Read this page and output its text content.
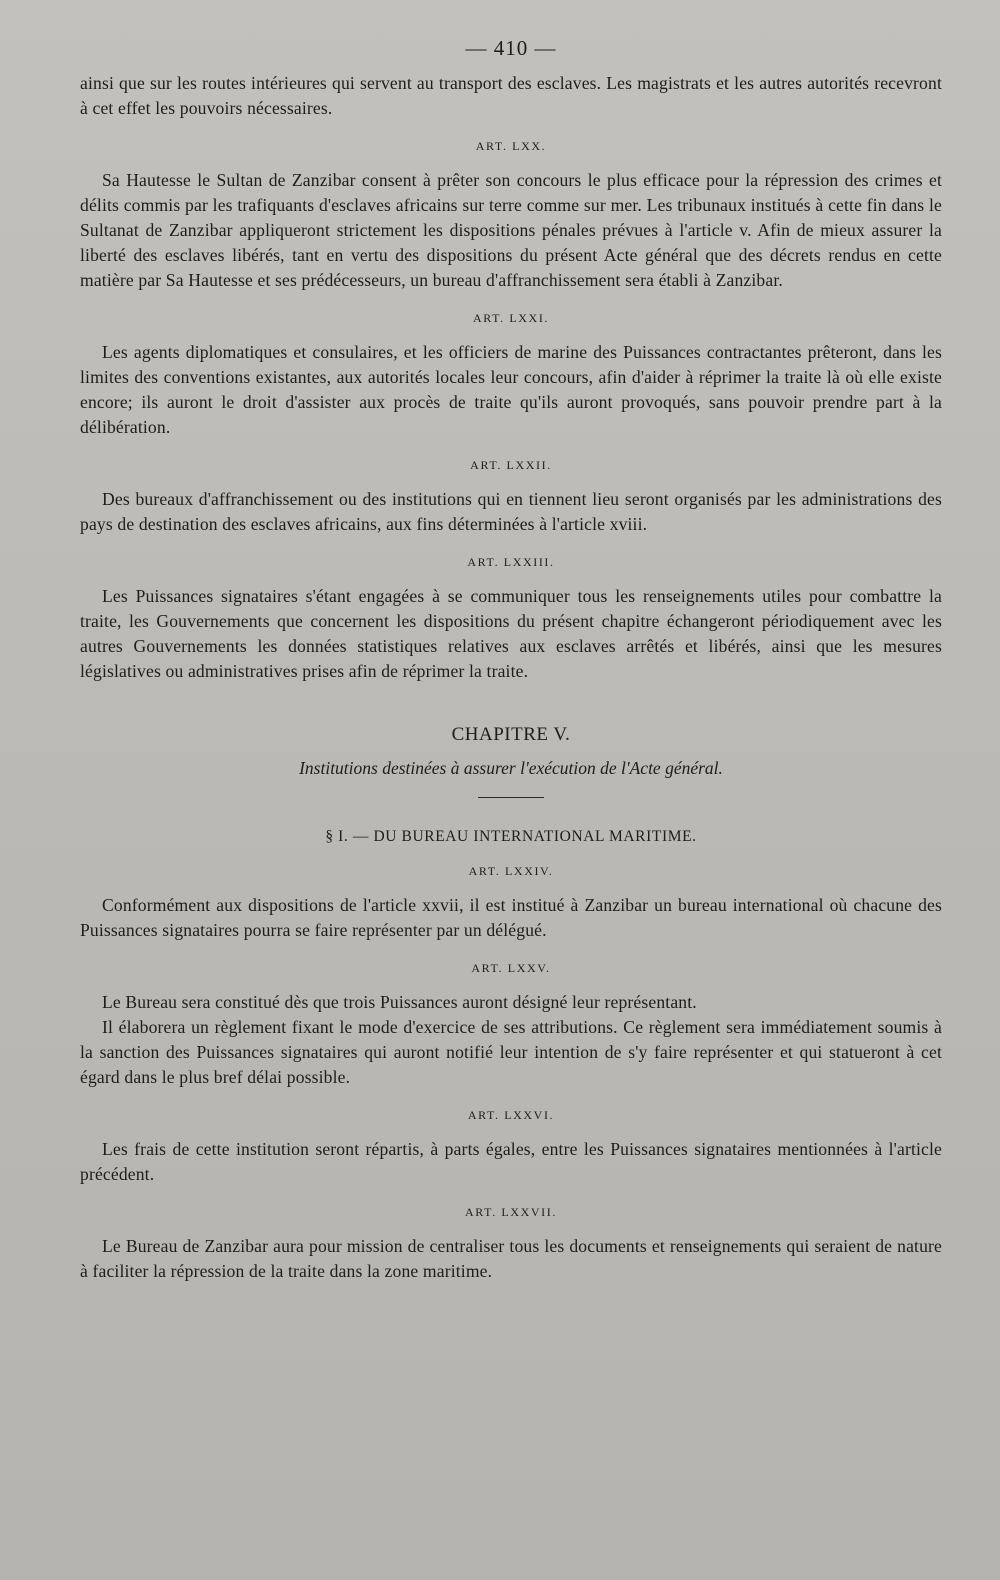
— 410 —

ainsi que sur les routes intérieures qui servent au transport des esclaves. Les magistrats et les autres autorités recevront à cet effet les pouvoirs nécessaires.

ART. LXX.

Sa Hautesse le Sultan de Zanzibar consent à prêter son concours le plus efficace pour la répression des crimes et délits commis par les trafiquants d'esclaves africains sur terre comme sur mer. Les tribunaux institués à cette fin dans le Sultanat de Zanzibar appliqueront strictement les dispositions pénales prévues à l'article v. Afin de mieux assurer la liberté des esclaves libérés, tant en vertu des dispositions du présent Acte général que des décrets rendus en cette matière par Sa Hautesse et ses prédécesseurs, un bureau d'affranchissement sera établi à Zanzibar.

ART. LXXI.

Les agents diplomatiques et consulaires, et les officiers de marine des Puissances contractantes prêteront, dans les limites des conventions existantes, aux autorités locales leur concours, afin d'aider à réprimer la traite là où elle existe encore; ils auront le droit d'assister aux procès de traite qu'ils auront provoqués, sans pouvoir prendre part à la délibération.

ART. LXXII.

Des bureaux d'affranchissement ou des institutions qui en tiennent lieu seront organisés par les administrations des pays de destination des esclaves africains, aux fins déterminées à l'article xviii.

ART. LXXIII.

Les Puissances signataires s'étant engagées à se communiquer tous les renseignements utiles pour combattre la traite, les Gouvernements que concernent les dispositions du présent chapitre échangeront périodiquement avec les autres Gouvernements les données statistiques relatives aux esclaves arrêtés et libérés, ainsi que les mesures législatives ou administratives prises afin de réprimer la traite.

CHAPITRE V.
Institutions destinées à assurer l'exécution de l'Acte général.
§ I. — DU BUREAU INTERNATIONAL MARITIME.
ART. LXXIV.

Conformément aux dispositions de l'article xxvii, il est institué à Zanzibar un bureau international où chacune des Puissances signataires pourra se faire représenter par un délégué.

ART. LXXV.

Le Bureau sera constitué dès que trois Puissances auront désigné leur représentant.

Il élaborera un règlement fixant le mode d'exercice de ses attributions. Ce règlement sera immédiatement soumis à la sanction des Puissances signataires qui auront notifié leur intention de s'y faire représenter et qui statueront à cet égard dans le plus bref délai possible.

ART. LXXVI.

Les frais de cette institution seront répartis, à parts égales, entre les Puissances signataires mentionnées à l'article précédent.

ART. LXXVII.

Le Bureau de Zanzibar aura pour mission de centraliser tous les documents et renseignements qui seraient de nature à faciliter la répression de la traite dans la zone maritime.
